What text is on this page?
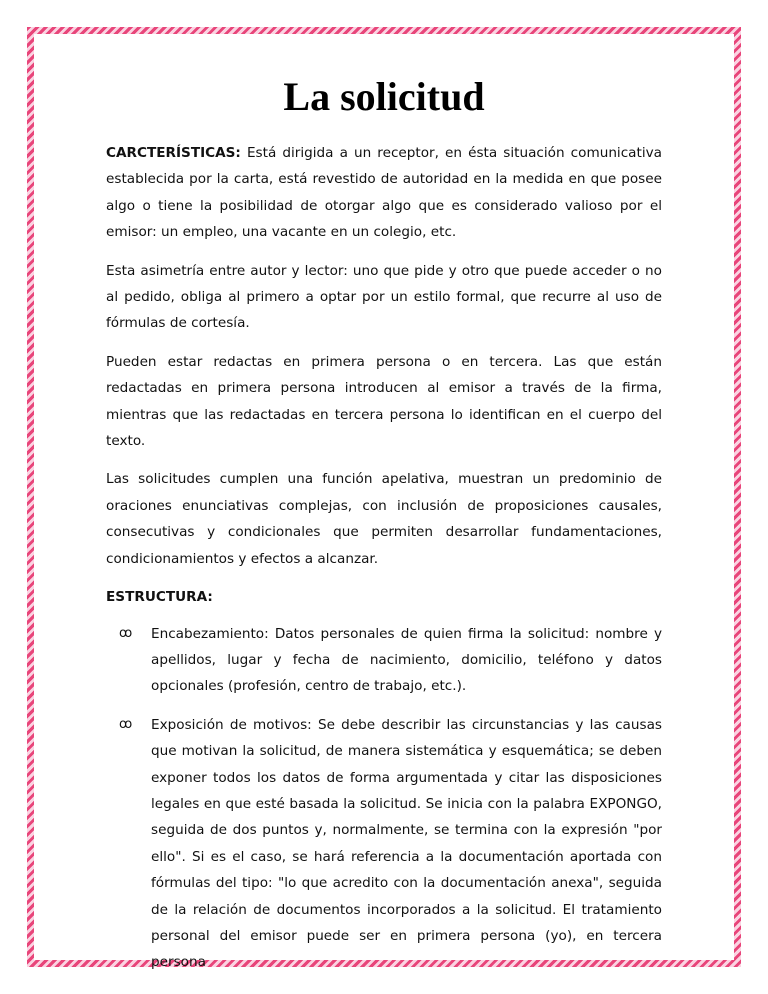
La solicitud

CARCTERÍSTICAS: Está dirigida a un receptor, en ésta situación comunicativa establecida por la carta, está revestido de autoridad en la medida en que posee algo o tiene la posibilidad de otorgar algo que es considerado valioso por el emisor: un empleo, una vacante en un colegio, etc.

Esta asimetría entre autor y lector: uno que pide y otro que puede acceder o no al pedido, obliga al primero a optar por un estilo formal, que recurre al uso de fórmulas de cortesía.

Pueden estar redactas en primera persona o en tercera. Las que están redactadas en primera persona introducen al emisor a través de la firma, mientras que las redactadas en tercera persona lo identifican en el cuerpo del texto.

Las solicitudes cumplen una función apelativa, muestran un predominio de oraciones enunciativas complejas, con inclusión de proposiciones causales, consecutivas y condicionales que permiten desarrollar fundamentaciones, condicionamientos y efectos a alcanzar.

ESTRUCTURA:
ꝏ Encabezamiento: Datos personales de quien firma la solicitud: nombre y apellidos, lugar y fecha de nacimiento, domicilio, teléfono y datos opcionales (profesión, centro de trabajo, etc.).
ꝏ Exposición de motivos: Se debe describir las circunstancias y las causas que motivan la solicitud, de manera sistemática y esquemática; se deben exponer todos los datos de forma argumentada y citar las disposiciones legales en que esté basada la solicitud. Se inicia con la palabra EXPONGO, seguida de dos puntos y, normalmente, se termina con la expresión "por ello". Si es el caso, se hará referencia a la documentación aportada con fórmulas del tipo: "lo que acredito con la documentación anexa", seguida de la relación de documentos incorporados a la solicitud. El tratamiento personal del emisor puede ser en primera persona (yo), en tercera persona
